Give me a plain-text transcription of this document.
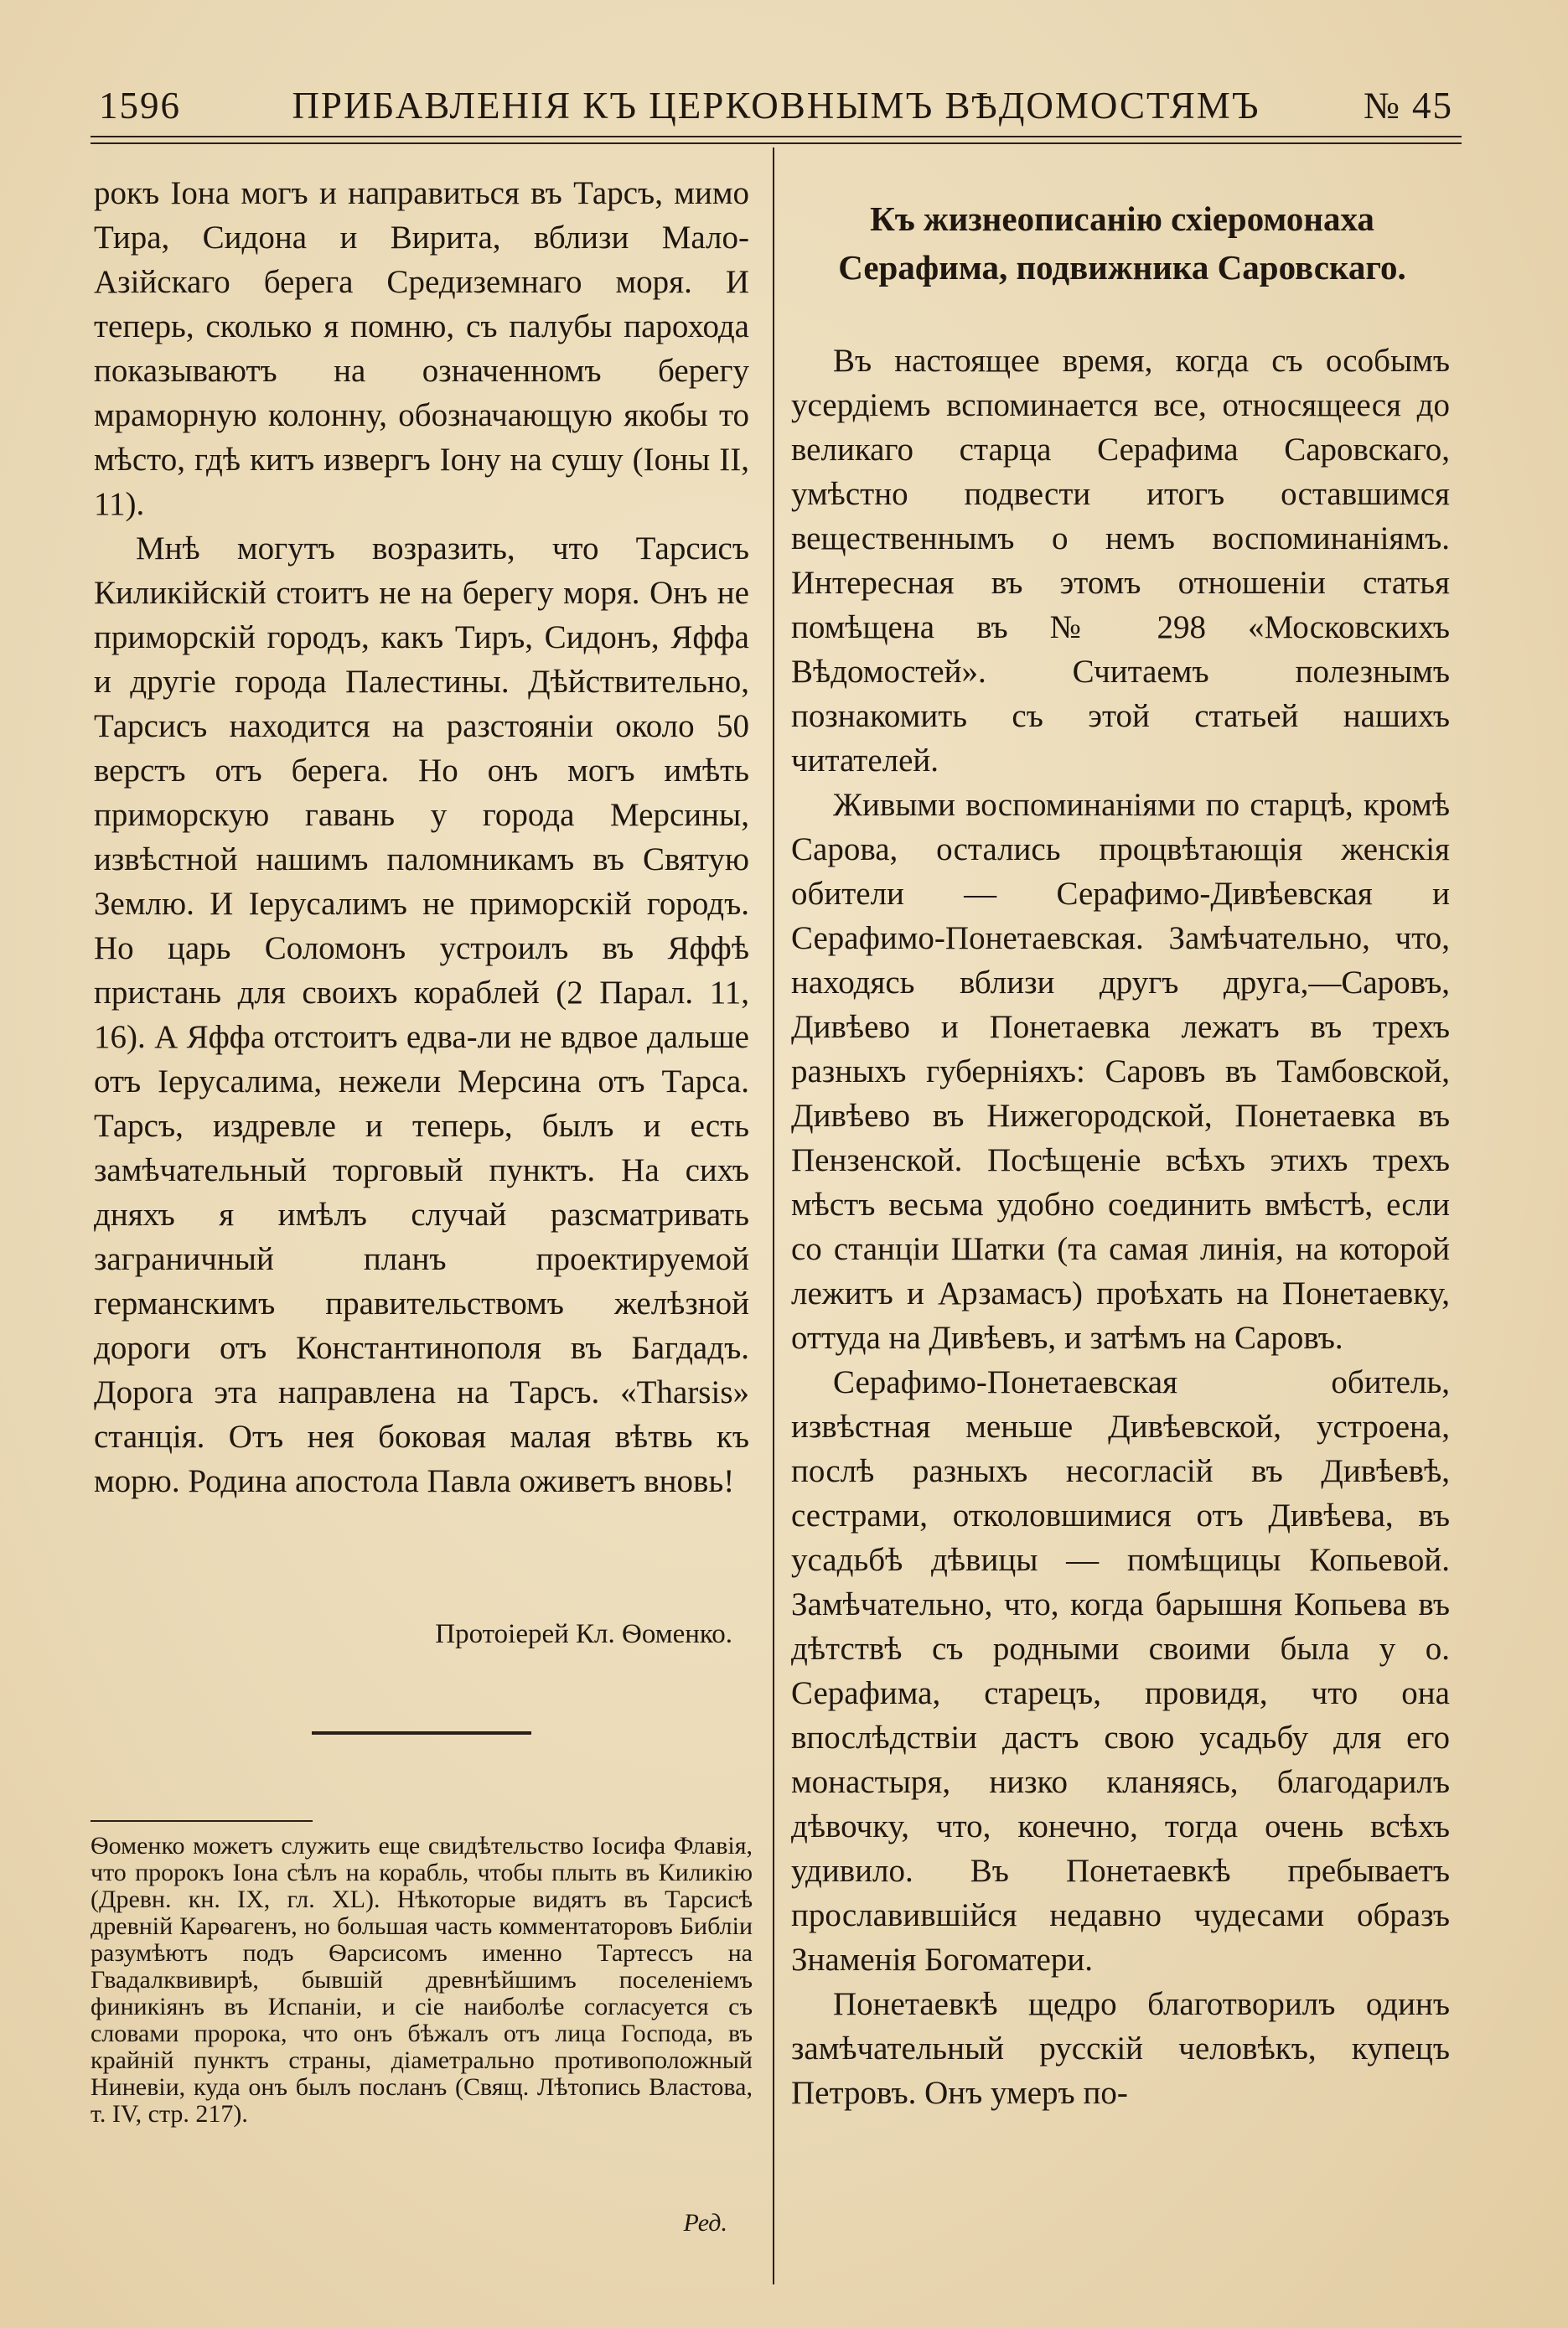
1596	ПРИБАВЛЕНІЯ КЪ ЦЕРКОВНЫМЪ ВѢДОМОСТЯМЪ	№ 45

рокъ Іона могъ и направиться въ Тарсъ, мимо Тира, Сидона и Вирита, вблизи Мало-Азійскаго берега Средиземнаго моря. И теперь, сколько я помню, съ палубы парохода показываютъ на означенномъ берегу мраморную колонну, обозначающую якобы то мѣсто, гдѣ китъ извергъ Іону на сушу (Іоны II, 11).

Мнѣ могутъ возразить, что Тарсисъ Киликійскій стоитъ не на берегу моря. Онъ не приморскій городъ, какъ Тиръ, Сидонъ, Яффа и другіе города Палестины. Дѣйствительно, Тарсисъ находится на разстояніи около 50 верстъ отъ берега. Но онъ могъ имѣть приморскую гавань у города Мерсины, извѣстной нашимъ паломникамъ въ Святую Землю. И Іерусалимъ не приморскій городъ. Но царь Соломонъ устроилъ въ Яффѣ пристань для своихъ кораблей (2 Парал. 11, 16). А Яффа отстоитъ едва-ли не вдвое дальше отъ Іерусалима, нежели Мерсина отъ Тарса. Тарсъ, издревле и теперь, былъ и есть замѣчательный торговый пунктъ. На сихъ дняхъ я имѣлъ случай разсматривать заграничный планъ проектируемой германскимъ правительствомъ желѣзной дороги отъ Константинополя въ Багдадъ. Дорога эта направлена на Тарсъ. «Tharsis» станція. Отъ нея боковая малая вѣтвь къ морю. Родина апостола Павла оживетъ вновь!

Протоіерей Кл. Ѳоменко.

Ѳоменко можетъ служить еще свидѣтельство Іосифа Флавія, что пророкъ Іона сѣлъ на корабль, чтобы плыть въ Киликію (Древн. кн. IX, гл. XL). Нѣкоторые видятъ въ Тарсисѣ древній Карѳагенъ, но большая часть комментаторовъ Библіи разумѣютъ подъ Ѳарсисомъ именно Тартессъ на Гвадалквивирѣ, бывшій древнѣйшимъ поселеніемъ финикіянъ въ Испаніи, и сіе наиболѣе согласуется съ словами пророка, что онъ бѣжалъ отъ лица Господа, въ крайній пунктъ страны, діаметрально противоположный Ниневіи, куда онъ былъ посланъ (Свящ. Лѣтопись Властова, т. IV, стр. 217).

Ред.
Къ жизнеописанію схіеромонаха Серафима, подвижника Саровскаго.

Въ настоящее время, когда съ особымъ усердіемъ вспоминается все, относящееся до великаго старца Серафима Саровскаго, умѣстно подвести итогъ оставшимся вещественнымъ о немъ воспоминаніямъ. Интересная въ этомъ отношеніи статья помѣщена въ № 298 «Московскихъ Вѣдомостей». Считаемъ полезнымъ познакомить съ этой статьей нашихъ читателей.

Живыми воспоминаніями по старцѣ, кромѣ Сарова, остались процвѣтающія женскія обители — Серафимо-Дивѣевская и Серафимо-Понетаевская. Замѣчательно, что, находясь вблизи другъ друга,—Саровъ, Дивѣево и Понетаевка лежатъ въ трехъ разныхъ губерніяхъ: Саровъ въ Тамбовской, Дивѣево въ Нижегородской, Понетаевка въ Пензенской. Посѣщеніе всѣхъ этихъ трехъ мѣстъ весьма удобно соединить вмѣстѣ, если со станціи Шатки (та самая линія, на которой лежитъ и Арзамасъ) проѣхать на Понетаевку, оттуда на Дивѣевъ, и затѣмъ на Саровъ.

Серафимо-Понетаевская обитель, извѣстная меньше Дивѣевской, устроена, послѣ разныхъ несогласій въ Дивѣевѣ, сестрами, отколовшимися отъ Дивѣева, въ усадьбѣ дѣвицы — помѣщицы Копьевой. Замѣчательно, что, когда барышня Копьева въ дѣтствѣ съ родными своими была у о. Серафима, старецъ, провидя, что она впослѣдствіи дастъ свою усадьбу для его монастыря, низко кланяясь, благодарилъ дѣвочку, что, конечно, тогда очень всѣхъ удивило. Въ Понетаевкѣ пребываетъ прославившійся недавно чудесами образъ Знаменія Богоматери.

Понетаевкѣ щедро благотворилъ одинъ замѣчательный русскій человѣкъ, купецъ Петровъ. Онъ умеръ по-
